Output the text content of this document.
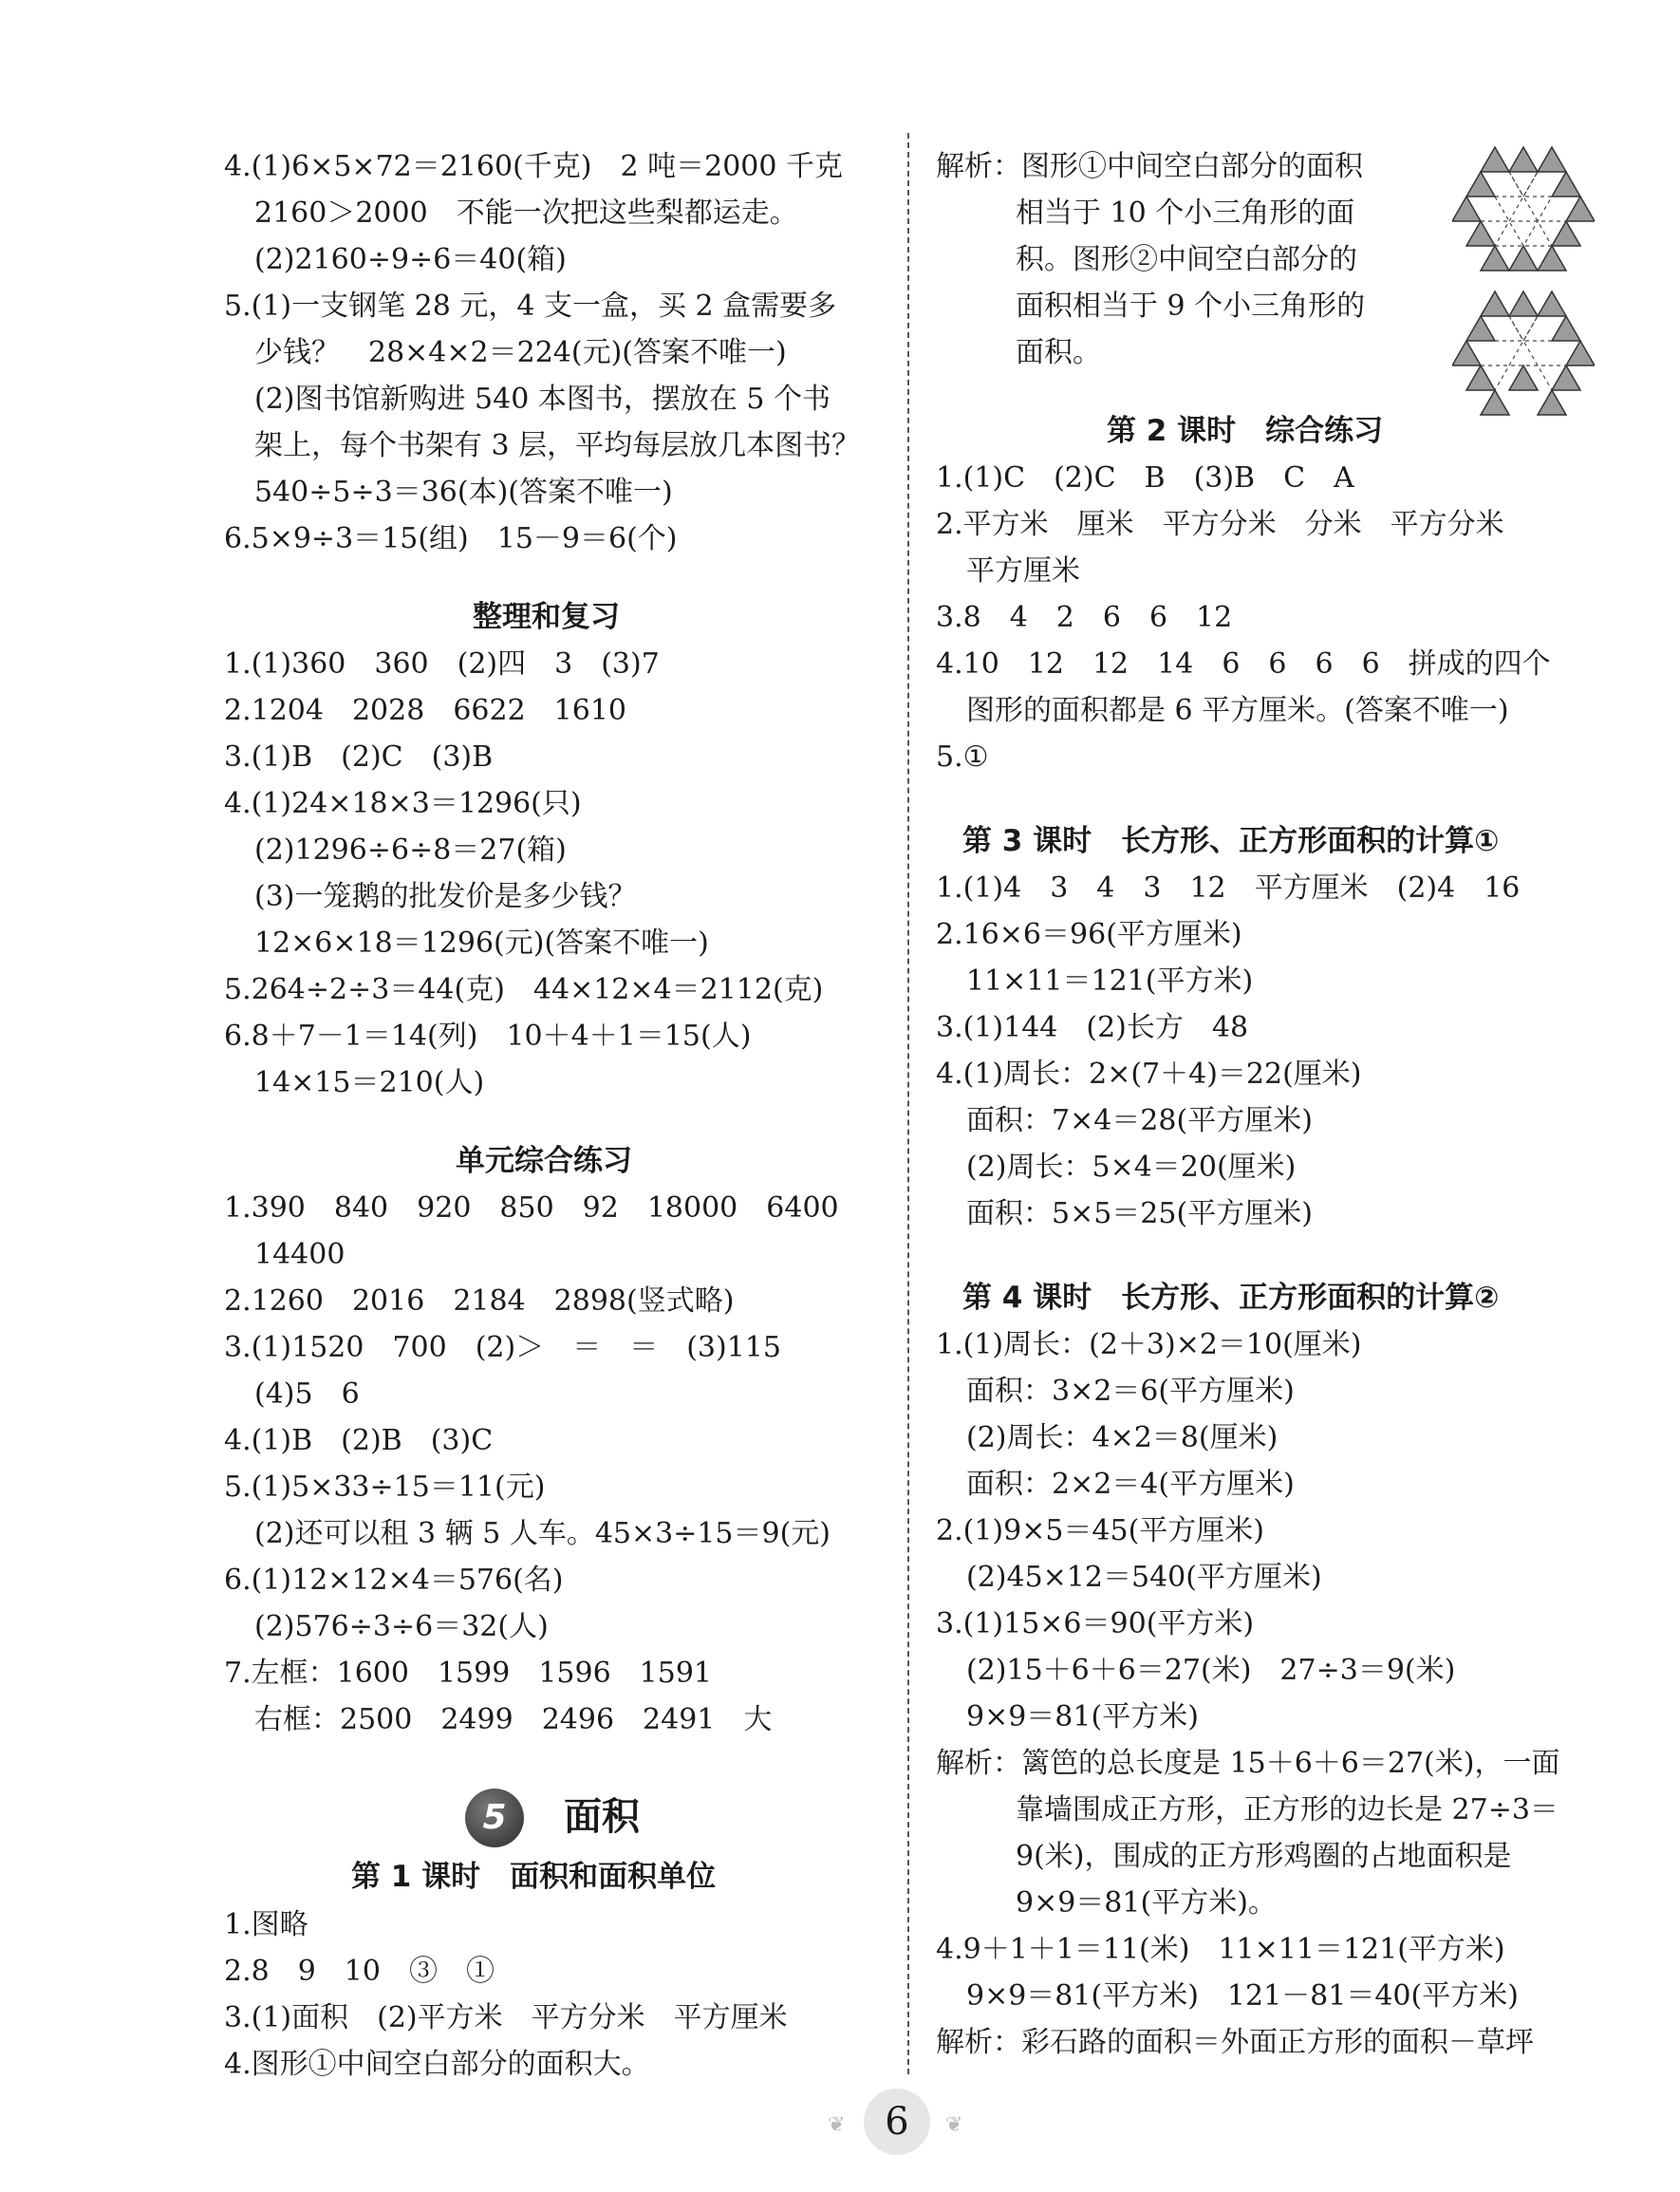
4.(1)6×5×72＝2160(千克)　2 吨＝2000 千克
2160＞2000　不能一次把这些梨都运走。
(2)2160÷9÷6＝40(箱)
5.(1)一支钢笔 28 元，4 支一盒，买 2 盒需要多
少钱？　28×4×2＝224(元)(答案不唯一)
(2)图书馆新购进 540 本图书，摆放在 5 个书
架上，每个书架有 3 层，平均每层放几本图书？
540÷5÷3＝36(本)(答案不唯一)
6.5×9÷3＝15(组)　15－9＝6(个)
整理和复习
1.(1)360　360　(2)四　3　(3)7
2.1204　2028　6622　1610
3.(1)B　(2)C　(3)B
4.(1)24×18×3＝1296(只)
(2)1296÷6÷8＝27(箱)
(3)一笼鹅的批发价是多少钱？
12×6×18＝1296(元)(答案不唯一)
5.264÷2÷3＝44(克)　44×12×4＝2112(克)
6.8＋7－1＝14(列)　10＋4＋1＝15(人)
14×15＝210(人)
单元综合练习
1.390　840　920　850　92　18000　6400
14400
2.1260　2016　2184　2898(竖式略)
3.(1)1520　700　(2)＞　＝　＝　(3)115
(4)5　6
4.(1)B　(2)B　(3)C
5.(1)5×33÷15＝11(元)
(2)还可以租 3 辆 5 人车。45×3÷15＝9(元)
6.(1)12×12×4＝576(名)
(2)576÷3÷6＝32(人)
7.左框：1600　1599　1596　1591
右框：2500　2499　2496　2491　大
5	面积
第 1 课时　面积和面积单位
1.图略
2.8　9　10　③　①
3.(1)面积　(2)平方米　平方分米　平方厘米
4.图形①中间空白部分的面积大。
解析：图形①中间空白部分的面积
相当于 10 个小三角形的面
积。图形②中间空白部分的
面积相当于 9 个小三角形的
面积。
第 2 课时　综合练习
1.(1)C　(2)C　B　(3)B　C　A
2.平方米　厘米　平方分米　分米　平方分米
平方厘米
3.8　4　2　6　6　12
4.10　12　12　14　6　6　6　6　拼成的四个
图形的面积都是 6 平方厘米。(答案不唯一)
5.①
第 3 课时　长方形、正方形面积的计算①
1.(1)4　3　4　3　12　平方厘米　(2)4　16
2.16×6＝96(平方厘米)
11×11＝121(平方米)
3.(1)144　(2)长方　48
4.(1)周长：2×(7＋4)＝22(厘米)
面积：7×4＝28(平方厘米)
(2)周长：5×4＝20(厘米)
面积：5×5＝25(平方厘米)
第 4 课时　长方形、正方形面积的计算②
1.(1)周长：(2＋3)×2＝10(厘米)
面积：3×2＝6(平方厘米)
(2)周长：4×2＝8(厘米)
面积：2×2＝4(平方厘米)
2.(1)9×5＝45(平方厘米)
(2)45×12＝540(平方厘米)
3.(1)15×6＝90(平方米)
(2)15＋6＋6＝27(米)　27÷3＝9(米)
9×9＝81(平方米)
解析：篱笆的总长度是 15＋6＋6＝27(米)，一面
靠墙围成正方形，正方形的边长是 27÷3＝
9(米)，围成的正方形鸡圈的占地面积是
9×9＝81(平方米)。
4.9＋1＋1＝11(米)　11×11＝121(平方米)
9×9＝81(平方米)　121－81＝40(平方米)
解析：彩石路的面积＝外面正方形的面积－草坪
❦	6	❦
